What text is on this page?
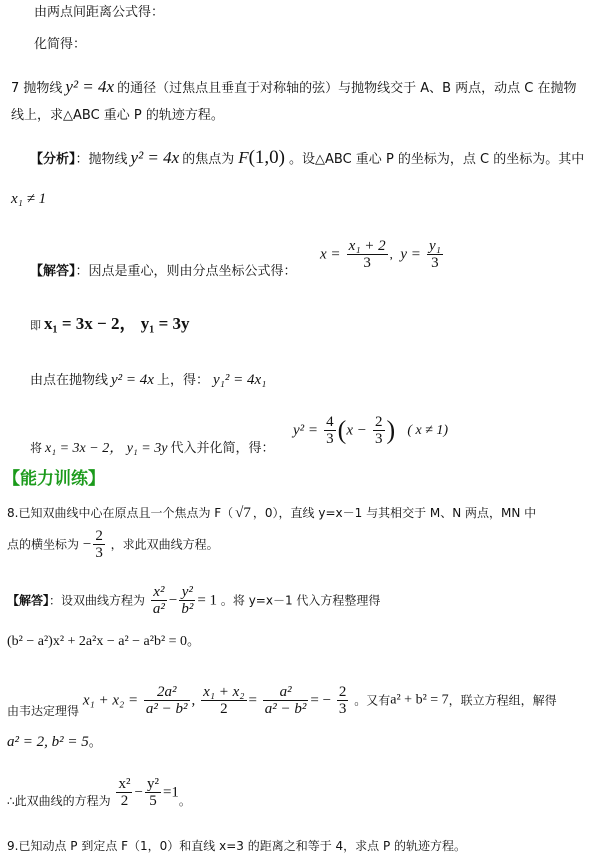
由两点间距离公式得：
化简得：
7 抛物线 y² = 4x 的通径（过焦点且垂直于对称轴的弦）与抛物线交于 A、B 两点，动点 C 在抛物
线上，求△ABC 重心 P 的轨迹方程。
【分析】：抛物线 y² = 4x 的焦点为 F(1,0) 。设△ABC 重心 P 的坐标为，点 C 的坐标为。其中
x₁ ≠ 1
【解答】：因点是重心，则由分点坐标公式得：
$x = \frac{\text{x₁ + 2}}{3}$ ,  $y = \frac{\text{y₁}}{3}$
即 x₁ = 3x − 2， y₁ = 3y
由点在抛物线 y² = 4x 上，得： y₁² = 4x₁
将 x₁ = 3x − 2， y₁ = 3y 代入并化简，得：
$y^2 = \frac{4}{3} (x - \frac{2}{3}$ ) ( x ≠ 1)
【能力训练】
8.已知双曲线中心在原点且一个焦点为 F（ √7 ，0），直线 y=x－1 与其相交于 M、N 两点，MN 中
点的横坐标为 − $\frac{2}{3}$ ，求此双曲线方程。
【解答】：设双曲线方程为 $\frac{\text{x²}}{\text{a²}} - \frac{\text{y²}}{\text{b²}} = 1$ 。将 y=x－1 代入方程整理得
(b² − a²)x² + 2a²x − a² − a²b² = 0。
由韦达定理得 $x_1 + x_2 = \frac{\text{2a²}}{\text{a² − b²}}$ , $\frac{\text{x₁ + x₂}}{2} = \frac{\text{a²}}{\text{a² − b²}}$ = − $\frac{2}{3}$ 。又有a² + b² = 7，联立方程组，解得
a² = 2, b² = 5。
∴此双曲线的方程为 $\frac{\text{x²}}{2} - \frac{\text{y²}}{5} =1$。
9.已知动点 P 到定点 F（1，0）和直线 x=3 的距离之和等于 4，求点 P 的轨迹方程。
